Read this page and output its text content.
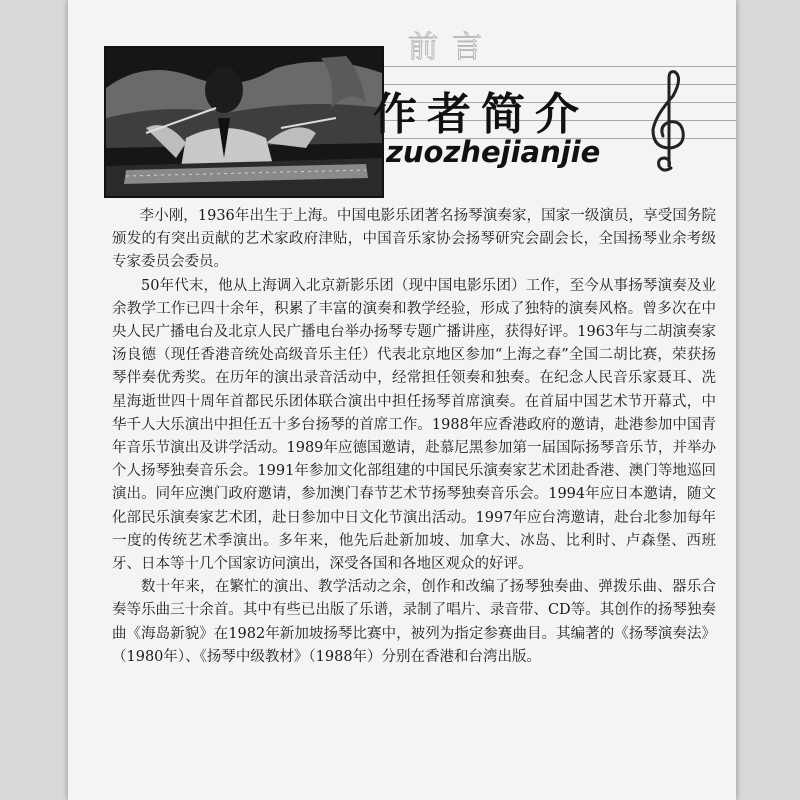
前言
作者简介
zuozhejianjie

李小刚，1936年出生于上海。中国电影乐团著名扬琴演奏家，国家一级演员，享受国务院颁发的有突出贡献的艺术家政府津贴，中国音乐家协会扬琴研究会副会长，全国扬琴业余考级专家委员会委员。

50年代末，他从上海调入北京新影乐团（现中国电影乐团）工作，至今从事扬琴演奏及业余教学工作已四十余年，积累了丰富的演奏和教学经验，形成了独特的演奏风格。曾多次在中央人民广播电台及北京人民广播电台举办扬琴专题广播讲座，获得好评。1963年与二胡演奏家汤良德（现任香港音统处高级音乐主任）代表北京地区参加“上海之春”全国二胡比赛，荣获扬琴伴奏优秀奖。在历年的演出录音活动中，经常担任领奏和独奏。在纪念人民音乐家聂耳、冼星海逝世四十周年首都民乐团体联合演出中担任扬琴首席演奏。在首届中国艺术节开幕式，中华千人大乐演出中担任五十多台扬琴的首席工作。1988年应香港政府的邀请，赴港参加中国青年音乐节演出及讲学活动。1989年应德国邀请，赴慕尼黑参加第一届国际扬琴音乐节，并举办个人扬琴独奏音乐会。1991年参加文化部组建的中国民乐演奏家艺术团赴香港、澳门等地巡回演出。同年应澳门政府邀请，参加澳门春节艺术节扬琴独奏音乐会。1994年应日本邀请，随文化部民乐演奏家艺术团，赴日参加中日文化节演出活动。1997年应台湾邀请，赴台北参加每年一度的传统艺术季演出。多年来，他先后赴新加坡、加拿大、冰岛、比利时、卢森堡、西班牙、日本等十几个国家访问演出，深受各国和各地区观众的好评。

数十年来，在繁忙的演出、教学活动之余，创作和改编了扬琴独奏曲、弹拨乐曲、器乐合奏等乐曲三十余首。其中有些已出版了乐谱，录制了唱片、录音带、CD等。其创作的扬琴独奏曲《海岛新貌》在1982年新加坡扬琴比赛中，被列为指定参赛曲目。其编著的《扬琴演奏法》（1980年）、《扬琴中级教材》（1988年）分别在香港和台湾出版。
